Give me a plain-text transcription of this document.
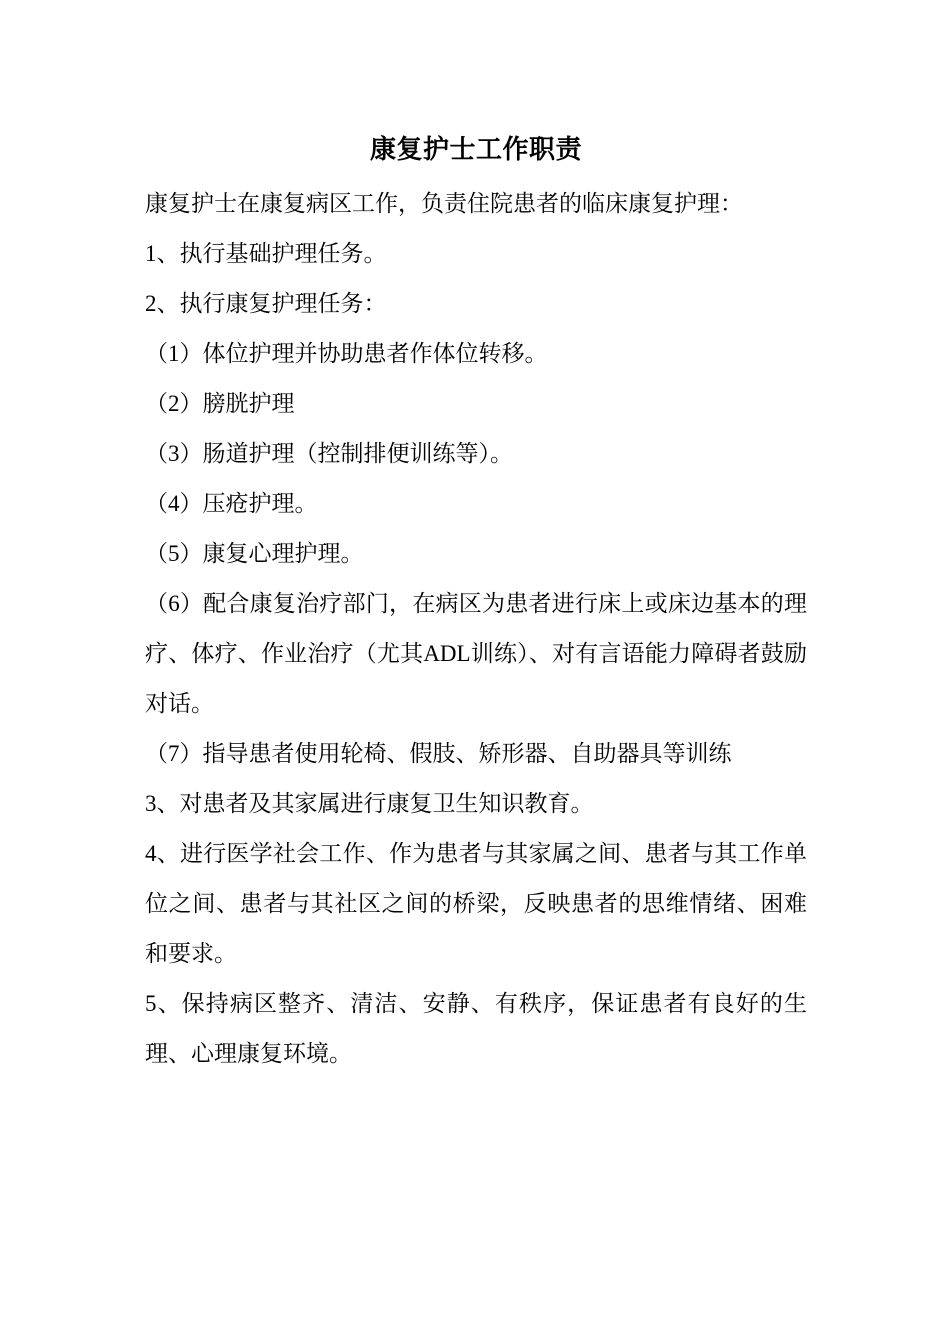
康复护士工作职责

康复护士在康复病区工作，负责住院患者的临床康复护理：

1、执行基础护理任务。

2、执行康复护理任务：

（1）体位护理并协助患者作体位转移。

（2）膀胱护理

（3）肠道护理（控制排便训练等）。

（4）压疮护理。

（5）康复心理护理。

（6）配合康复治疗部门，在病区为患者进行床上或床边基本的理疗、体疗、作业治疗（尤其ADL训练）、对有言语能力障碍者鼓励对话。

（7）指导患者使用轮椅、假肢、矫形器、自助器具等训练

3、对患者及其家属进行康复卫生知识教育。

4、进行医学社会工作、作为患者与其家属之间、患者与其工作单位之间、患者与其社区之间的桥梁，反映患者的思维情绪、困难和要求。

5、保持病区整齐、清洁、安静、有秩序，保证患者有良好的生理、心理康复环境。
